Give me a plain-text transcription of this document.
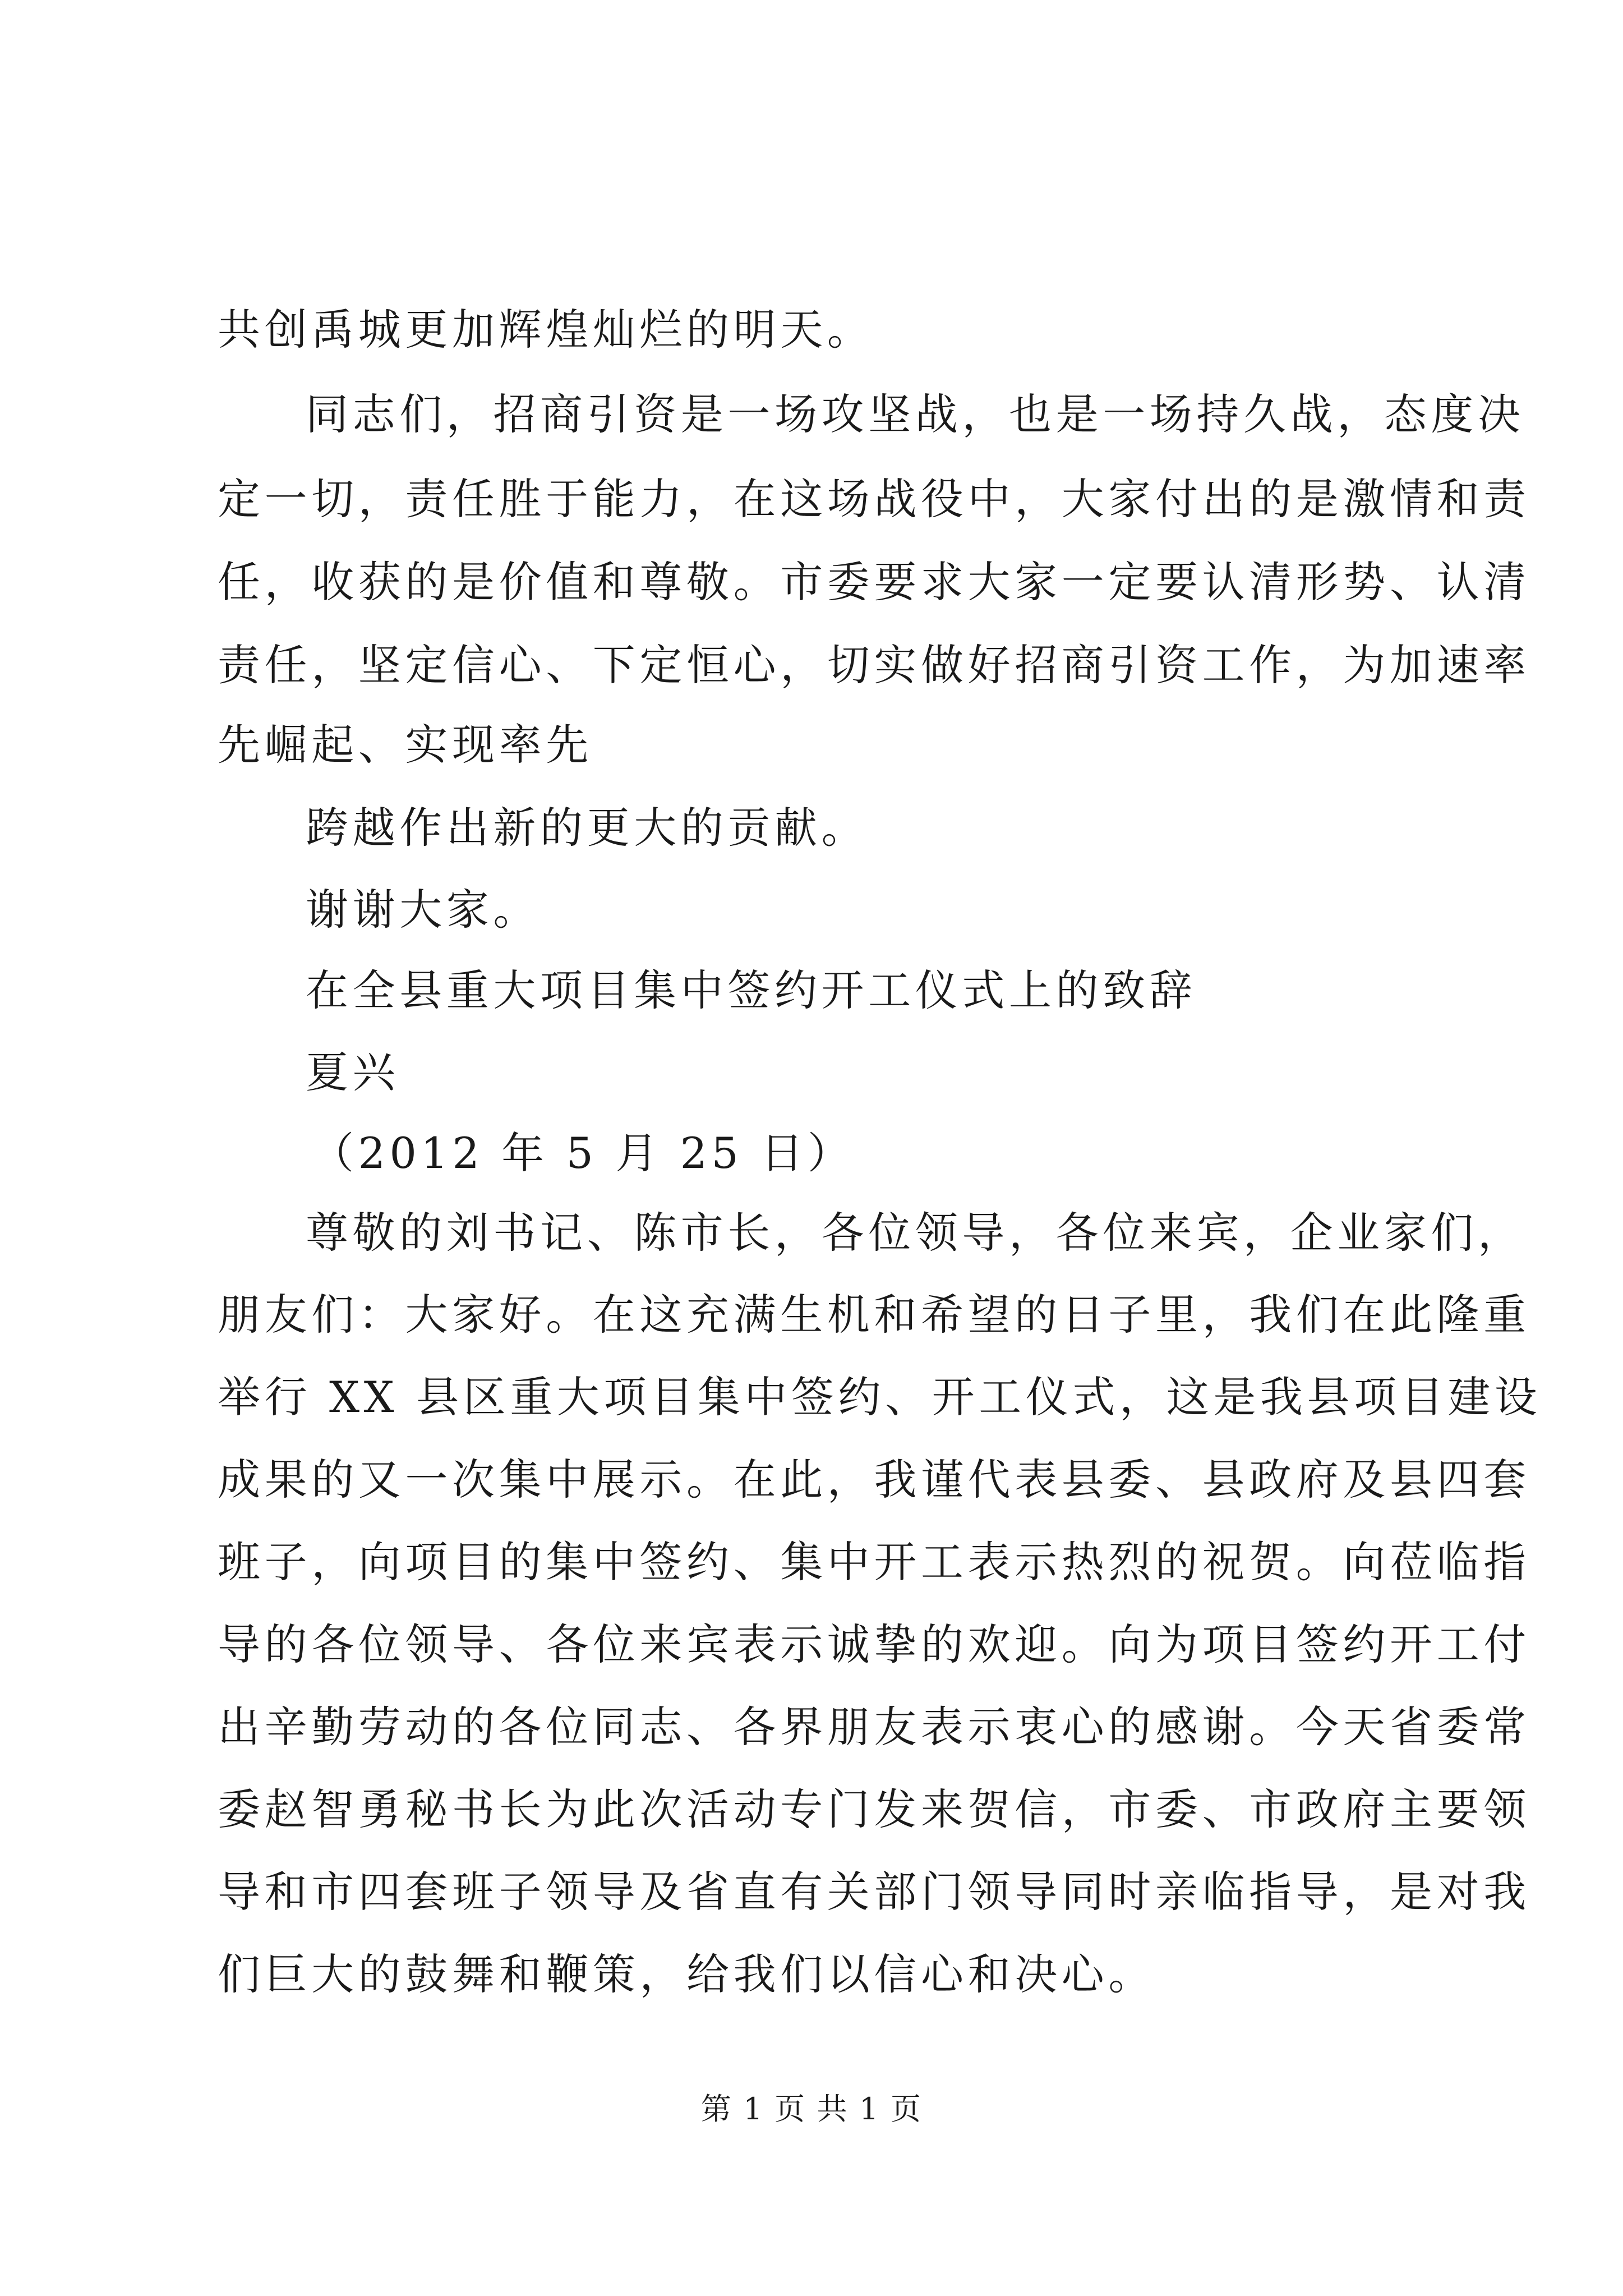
共创禹城更加辉煌灿烂的明天。
同志们，招商引资是一场攻坚战，也是一场持久战，态度决
定一切，责任胜于能力，在这场战役中，大家付出的是激情和责
任，收获的是价值和尊敬。市委要求大家一定要认清形势、认清
责任，坚定信心、下定恒心，切实做好招商引资工作，为加速率
先崛起、实现率先
跨越作出新的更大的贡献。
谢谢大家。
在全县重大项目集中签约开工仪式上的致辞
夏兴
（2012 年 5 月 25 日）
尊敬的刘书记、陈市长，各位领导，各位来宾，企业家们，
朋友们：大家好。在这充满生机和希望的日子里，我们在此隆重
举行 XX 县区重大项目集中签约、开工仪式，这是我县项目建设
成果的又一次集中展示。在此，我谨代表县委、县政府及县四套
班子，向项目的集中签约、集中开工表示热烈的祝贺。向莅临指
导的各位领导、各位来宾表示诚挚的欢迎。向为项目签约开工付
出辛勤劳动的各位同志、各界朋友表示衷心的感谢。今天省委常
委赵智勇秘书长为此次活动专门发来贺信，市委、市政府主要领
导和市四套班子领导及省直有关部门领导同时亲临指导，是对我
们巨大的鼓舞和鞭策，给我们以信心和决心。
第 1 页 共 1 页
